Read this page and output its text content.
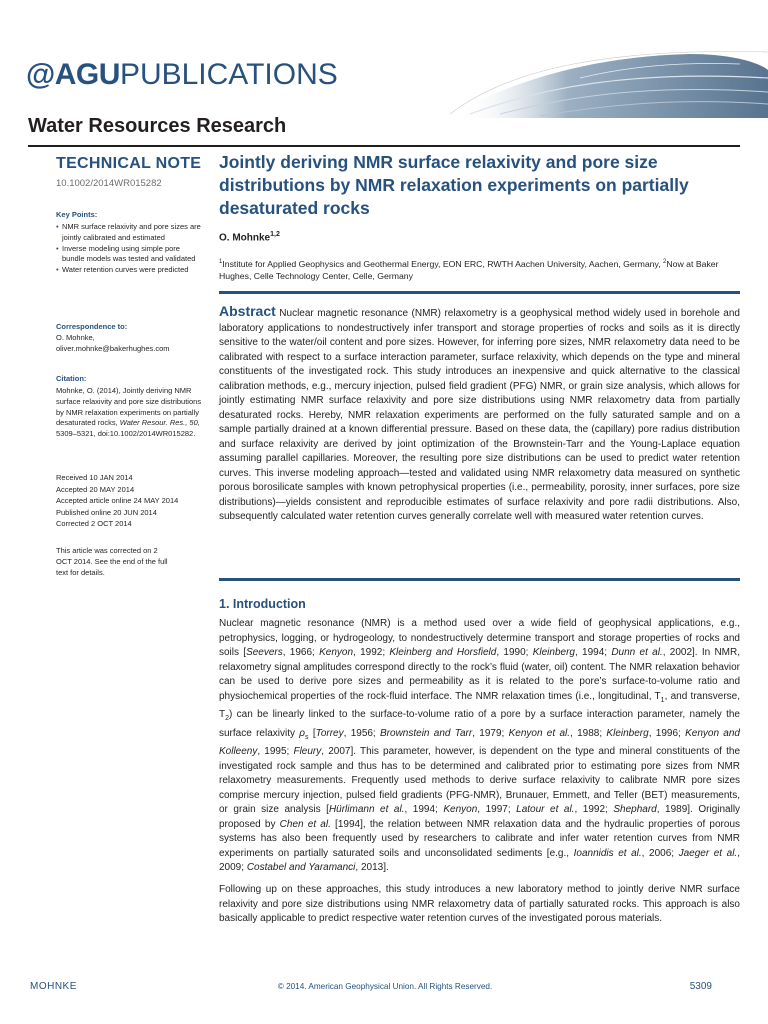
@AGUPUBLICATIONS
Water Resources Research
TECHNICAL NOTE
10.1002/2014WR015282
Key Points:
• NMR surface relaxivity and pore sizes are jointly calibrated and estimated
• Inverse modeling using simple pore bundle models was tested and validated
• Water retention curves were predicted
Correspondence to:
O. Mohnke,
oliver.mohnke@bakerhughes.com
Citation:
Mohnke, O. (2014), Jointly deriving NMR surface relaxivity and pore size distributions by NMR relaxation experiments on partially desaturated rocks, Water Resour. Res., 50, 5309–5321, doi:10.1002/2014WR015282.
Received 10 JAN 2014
Accepted 20 MAY 2014
Accepted article online 24 MAY 2014
Published online 20 JUN 2014
Corrected 2 OCT 2014
This article was corrected on 2 OCT 2014. See the end of the full text for details.
Jointly deriving NMR surface relaxivity and pore size distributions by NMR relaxation experiments on partially desaturated rocks
O. Mohnke$^{1,2}$
$^1$Institute for Applied Geophysics and Geothermal Energy, EON ERC, RWTH Aachen University, Aachen, Germany, $^2$Now at Baker Hughes, Celle Technology Center, Celle, Germany
Abstract Nuclear magnetic resonance (NMR) relaxometry is a geophysical method widely used in borehole and laboratory applications to nondestructively infer transport and storage properties of rocks and soils as it is directly sensitive to the water/oil content and pore sizes. However, for inferring pore sizes, NMR relaxometry data need to be calibrated with respect to a surface interaction parameter, surface relaxivity, which depends on the type and mineral constituents of the investigated rock. This study introduces an inexpensive and quick alternative to the classical calibration methods, e.g., mercury injection, pulsed field gradient (PFG) NMR, or grain size analysis, which allows for jointly estimating NMR surface relaxivity and pore size distributions using NMR relaxometry data from partially desaturated rocks. Hereby, NMR relaxation experiments are performed on the fully saturated sample and on a sample partially drained at a known differential pressure. Based on these data, the (capillary) pore radius distribution and surface relaxivity are derived by joint optimization of the Brownstein-Tarr and the Young-Laplace equation assuming parallel capillaries. Moreover, the resulting pore size distributions can be used to predict water retention curves. This inverse modeling approach—tested and validated using NMR relaxometry data measured on synthetic porous borosilicate samples with known petrophysical properties (i.e., permeability, porosity, inner surfaces, pore size distributions)—yields consistent and reproducible estimates of surface relaxivity and pore radii distributions. Also, subsequently calculated water retention curves generally correlate well with measured water retention curves.
1. Introduction
Nuclear magnetic resonance (NMR) is a method used over a wide field of geophysical applications, e.g., petrophysics, logging, or hydrogeology, to nondestructively determine transport and storage properties of rocks and soils [Seevers, 1966; Kenyon, 1992; Kleinberg and Horsfield, 1990; Kleinberg, 1994; Dunn et al., 2002]. In NMR, relaxometry signal amplitudes correspond directly to the rock’s fluid (water, oil) content. The NMR relaxation behavior can be used to derive pore sizes and permeability as it is related to the pore’s surface-to-volume ratio and physiochemical properties of the rock-fluid interface. The NMR relaxation times (i.e., longitudinal, $T_1$, and transverse, $T_2$) can be linearly linked to the surface-to-volume ratio of a pore by a surface interaction parameter, namely the surface relaxivity $\rho_s$ [Torrey, 1956; Brownstein and Tarr, 1979; Kenyon et al., 1988; Kleinberg, 1996; Kenyon and Kolleeny, 1995; Fleury, 2007]. This parameter, however, is dependent on the type and mineral constituents of the investigated rock sample and thus has to be determined and calibrated prior to estimating pore sizes from NMR relaxometry measurements. Frequently used methods to derive surface relaxivity to calibrate NMR pore sizes comprise mercury injection, pulsed field gradients (PFG-NMR), Brunauer, Emmett, and Teller (BET) measurements, or grain size analysis [Hürlimann et al., 1994; Kenyon, 1997; Latour et al., 1992; Shephard, 1989]. Originally proposed by Chen et al. [1994], the relation between NMR relaxation data and the hydraulic properties of porous systems has also been frequently used by researchers to calibrate and infer water retention curves from NMR experiments on partially saturated soils and unconsolidated sediments [e.g., Ioannidis et al., 2006; Jaeger et al., 2009; Costabel and Yaramanci, 2013].
Following up on these approaches, this study introduces a new laboratory method to jointly derive NMR surface relaxivity and pore size distributions using NMR relaxometry data of partially saturated rocks. This approach is also basically applicable to predict respective water retention curves of the investigated porous materials.
MOHNKE	© 2014. American Geophysical Union. All Rights Reserved.	5309
